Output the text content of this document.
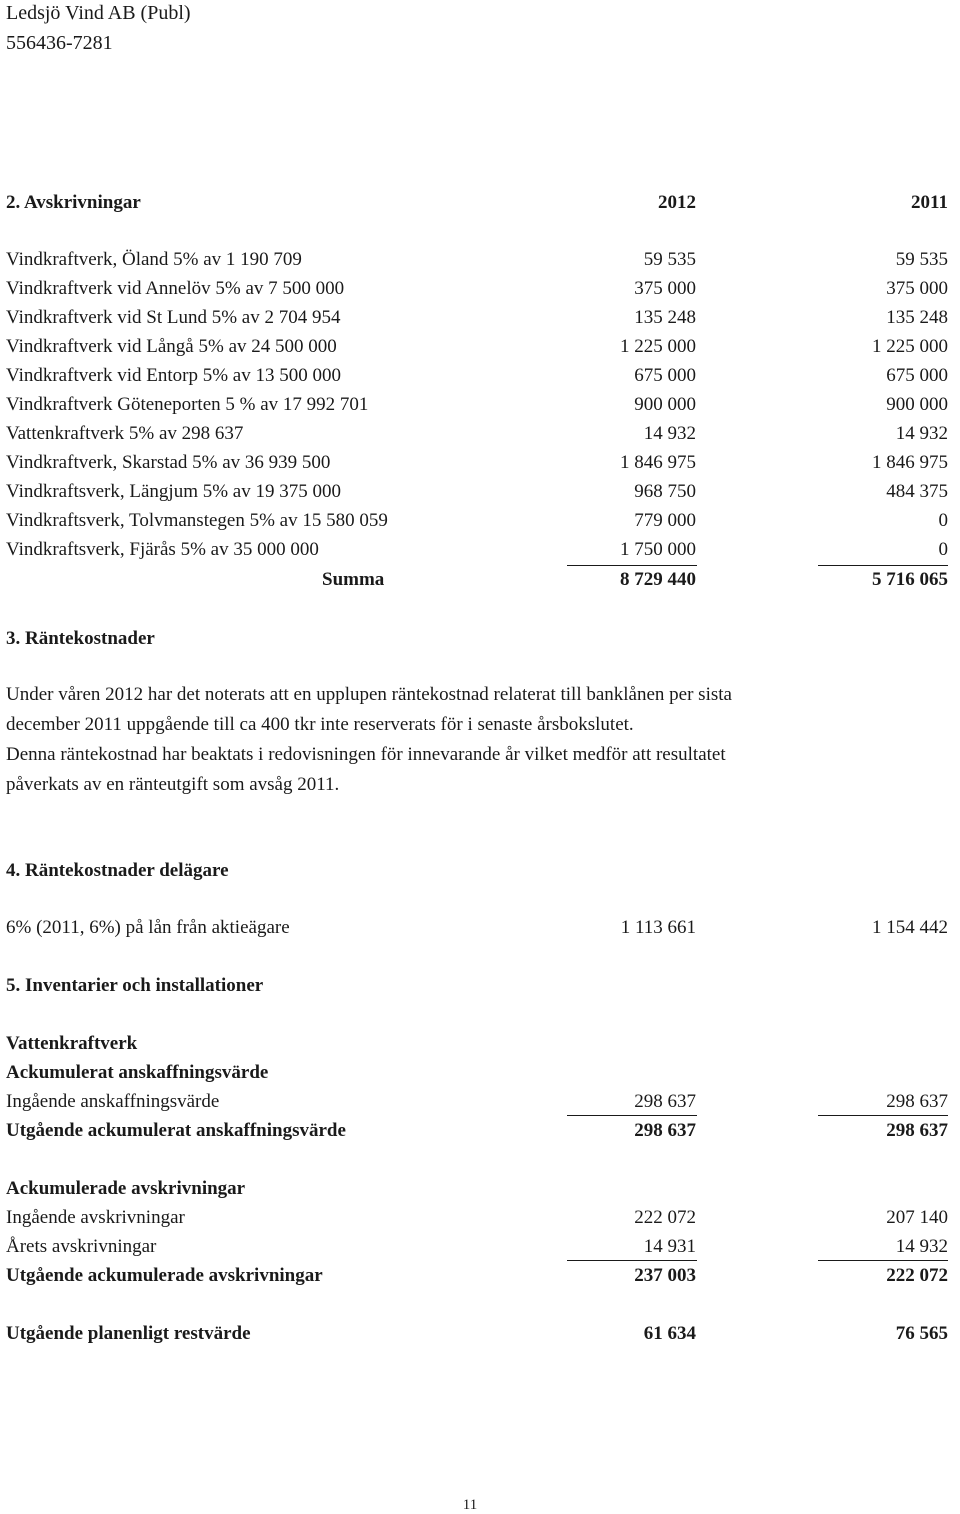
Ledsjö Vind AB (Publ)
556436-7281
2. Avskrivningar	2012	2011
Vindkraftverk, Öland 5% av 1 190 709	59 535	59 535
Vindkraftverk vid Annelöv 5% av 7 500 000	375 000	375 000
Vindkraftverk vid St Lund 5% av 2 704 954	135 248	135 248
Vindkraftverk vid Långå 5% av 24 500 000	1 225 000	1 225 000
Vindkraftverk vid Entorp 5% av 13 500 000	675 000	675 000
Vindkraftverk Göteneporten 5 % av 17 992 701	900 000	900 000
Vattenkraftverk 5% av 298 637	14 932	14 932
Vindkraftverk, Skarstad 5% av 36 939 500	1 846 975	1 846 975
Vindkraftsverk, Längjum 5% av 19 375 000	968 750	484 375
Vindkraftsverk, Tolvmanstegen 5% av 15 580 059	779 000	0
Vindkraftsverk, Fjärås 5% av 35 000 000	1 750 000	0
Summa	8 729 440	5 716 065
3. Räntekostnader
Under våren 2012 har det noterats att en upplupen räntekostnad relaterat till banklånen per sista
december 2011 uppgående till ca 400 tkr inte reserverats för i senaste årsbokslutet.
Denna räntekostnad har beaktats i redovisningen för innevarande år vilket medför att resultatet
påverkats av en ränteutgift som avsåg 2011.
4. Räntekostnader delägare
6% (2011, 6%) på lån från aktieägare	1 113 661	1 154 442
5. Inventarier och installationer
Vattenkraftverk
Ackumulerat anskaffningsvärde
Ingående anskaffningsvärde	298 637	298 637
Utgående ackumulerat anskaffningsvärde	298 637	298 637
Ackumulerade avskrivningar
Ingående avskrivningar	222 072	207 140
Årets avskrivningar	14 931	14 932
Utgående ackumulerade avskrivningar	237 003	222 072
Utgående planenligt restvärde	61 634	76 565
11
